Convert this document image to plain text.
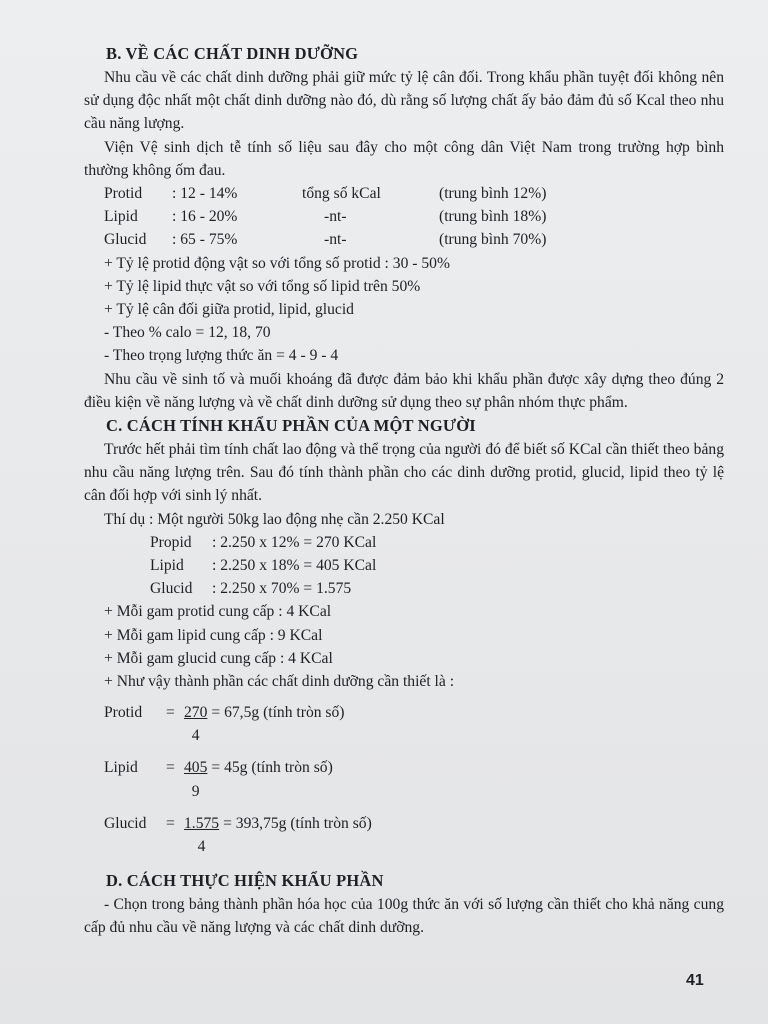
B. VỀ CÁC CHẤT DINH DƯỠNG

Nhu cầu về các chất dinh dưỡng phải giữ mức tỷ lệ cân đối. Trong khẩu phần tuyệt đối không nên sử dụng độc nhất một chất dinh dưỡng nào đó, dù rằng số lượng chất ấy bảo đảm đủ số Kcal theo nhu cầu năng lượng.

Viện Vệ sinh dịch tễ tính số liệu sau đây cho một công dân Việt Nam trong trường hợp bình thường không ốm đau.

Protid	: 12 - 14%	tổng số kCal	(trung bình 12%)
Lipid	: 16 - 20%	-nt-	(trung bình 18%)
Glucid	: 65 - 75%	-nt-	(trung bình 70%)
+ Tỷ lệ protid động vật so với tổng số protid : 30 - 50%
+ Tỷ lệ lipid thực vật so với tổng số lipid trên 50%
+ Tỷ lệ cân đối giữa protid, lipid, glucid
- Theo % calo = 12, 18, 70
- Theo trọng lượng thức ăn = 4 - 9 - 4

Nhu cầu về sinh tố và muối khoáng đã được đảm bảo khi khẩu phần được xây dựng theo đúng 2 điều kiện về năng lượng và về chất dinh dưỡng sử dụng theo sự phân nhóm thực phẩm.

C. CÁCH TÍNH KHẨU PHẦN CỦA MỘT NGƯỜI

Trước hết phải tìm tính chất lao động và thể trọng của người đó để biết số KCal cần thiết theo bảng nhu cầu năng lượng trên. Sau đó tính thành phần cho các dinh dưỡng protid, glucid, lipid theo tỷ lệ cân đối hợp với sinh lý nhất.

Thí dụ : Một người 50kg lao động nhẹ cần 2.250 KCal
Propid	: 2.250 x 12% = 270 KCal
Lipid	: 2.250 x 18% = 405 KCal
Glucid	: 2.250 x 70% = 1.575
+ Mỗi gam protid cung cấp : 4 KCal
+ Mỗi gam lipid cung cấp : 9 KCal
+ Mỗi gam glucid cung cấp : 4 KCal
+ Như vậy thành phần các chất dinh dưỡng cần thiết là :
Protid	= $\frac{270}{4} = 67,5g$ (tính tròn số)
Lipid	= $\frac{405}{9} = 45g$ (tính tròn số)
Glucid	= $\frac{1.575}{4} = 393,75g$ (tính tròn số)
D. CÁCH THỰC HIỆN KHẨU PHẦN

- Chọn trong bảng thành phần hóa học của 100g thức ăn với số lượng cần thiết cho khả năng cung cấp đủ nhu cầu về năng lượng và các chất dinh dưỡng.

41
